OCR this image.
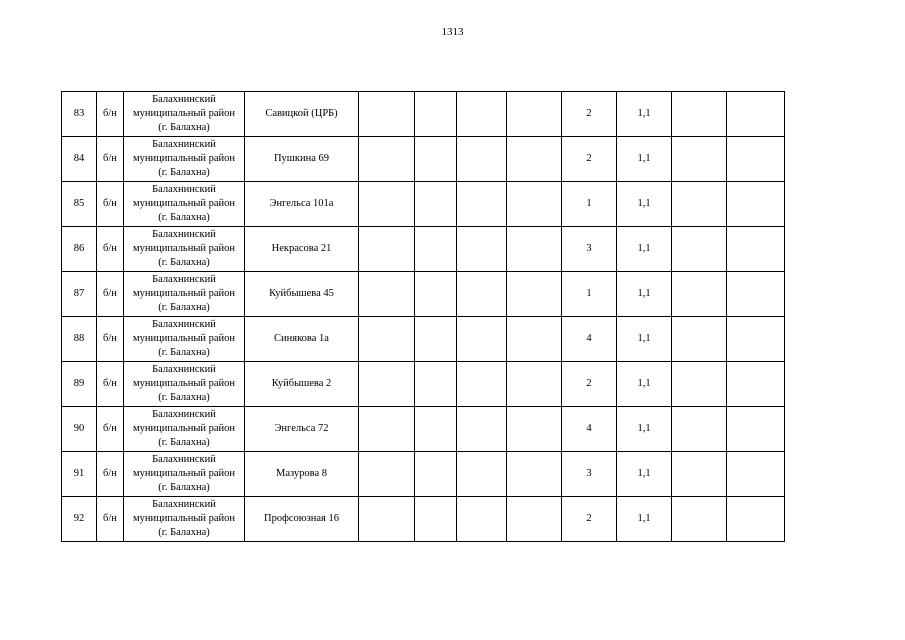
1313
83	б/н	Балахнинский
муниципальный район
(г. Балахна)	Савицкой (ЦРБ)					2	1,1		
84	б/н	Балахнинский
муниципальный район
(г. Балахна)	Пушкина 69					2	1,1		
85	б/н	Балахнинский
муниципальный район
(г. Балахна)	Энгельса 101а					1	1,1		
86	б/н	Балахнинский
муниципальный район
(г. Балахна)	Некрасова 21					3	1,1		
87	б/н	Балахнинский
муниципальный район
(г. Балахна)	Куйбышева 45					1	1,1		
88	б/н	Балахнинский
муниципальный район
(г. Балахна)	Синякова 1а					4	1,1		
89	б/н	Балахнинский
муниципальный район
(г. Балахна)	Куйбышева 2					2	1,1		
90	б/н	Балахнинский
муниципальный район
(г. Балахна)	Энгельса 72					4	1,1		
91	б/н	Балахнинский
муниципальный район
(г. Балахна)	Мазурова 8					3	1,1		
92	б/н	Балахнинский
муниципальный район
(г. Балахна)	Профсоюзная 16					2	1,1		
